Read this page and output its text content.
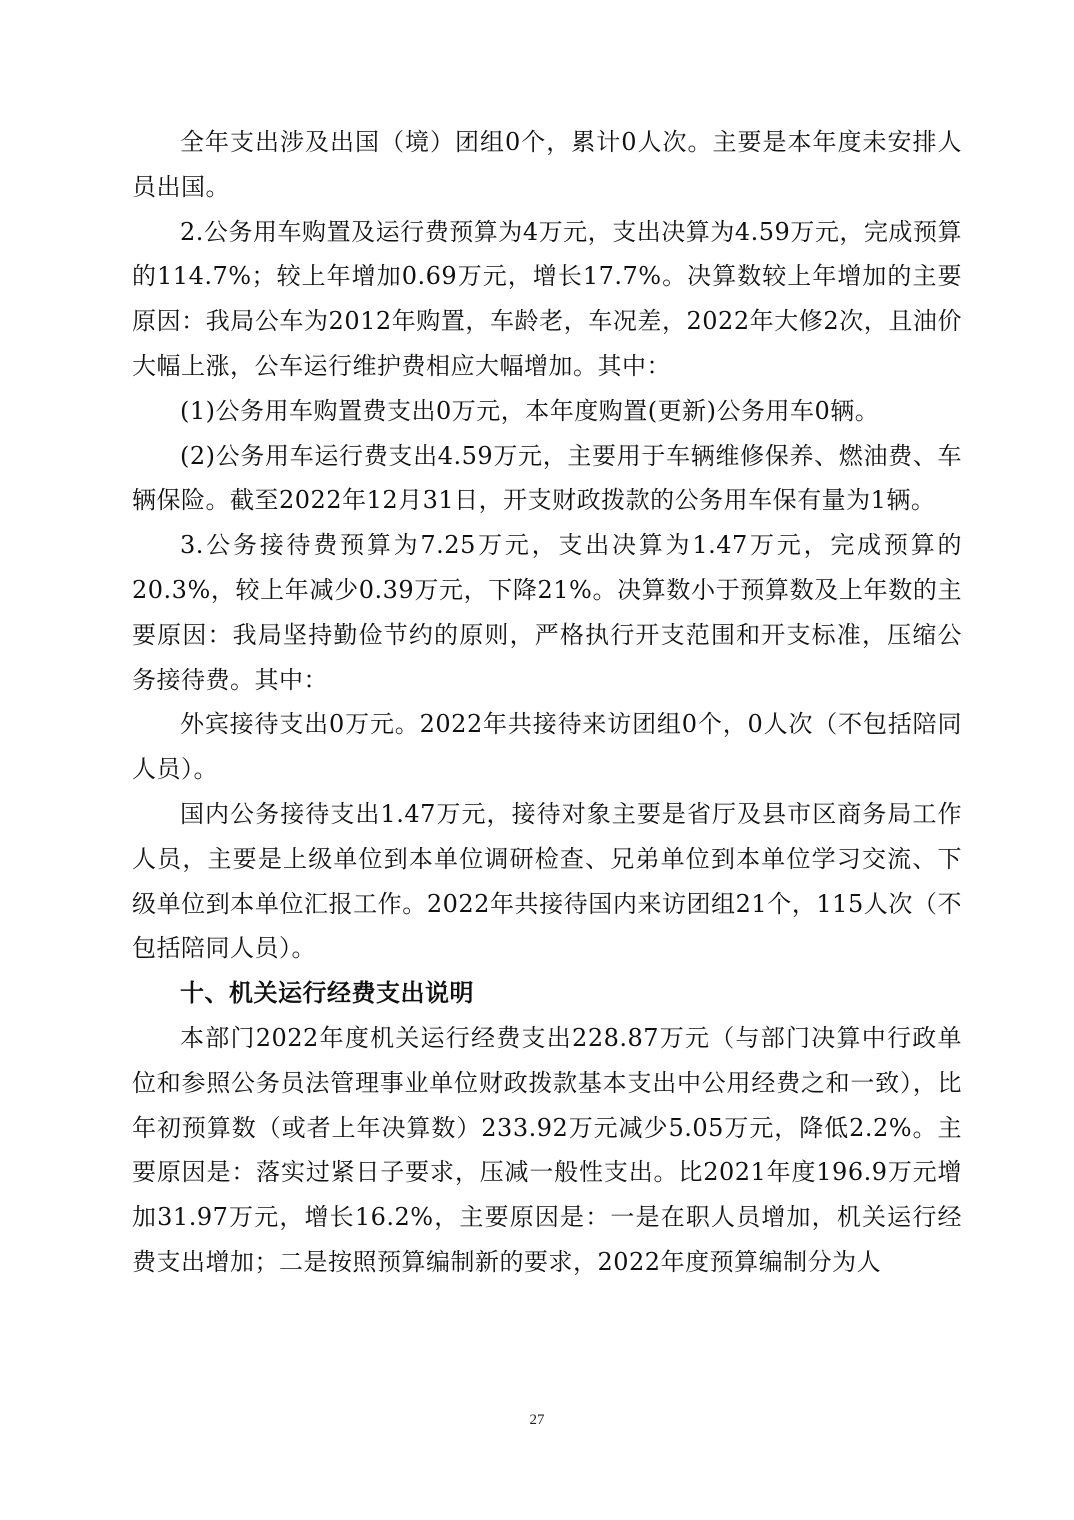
全年支出涉及出国（境）团组0个，累计0人次。主要是本年度未安排人员出国。

2.公务用车购置及运行费预算为4万元，支出决算为4.59万元，完成预算的114.7%；较上年增加0.69万元，增长17.7%。决算数较上年增加的主要原因：我局公车为2012年购置，车龄老，车况差，2022年大修2次，且油价大幅上涨，公车运行维护费相应大幅增加。其中：

(1)公务用车购置费支出0万元，本年度购置(更新)公务用车0辆。

(2)公务用车运行费支出4.59万元，主要用于车辆维修保养、燃油费、车辆保险。截至2022年12月31日，开支财政拨款的公务用车保有量为1辆。

3.公务接待费预算为7.25万元，支出决算为1.47万元，完成预算的20.3%，较上年减少0.39万元，下降21%。决算数小于预算数及上年数的主要原因：我局坚持勤俭节约的原则，严格执行开支范围和开支标准，压缩公务接待费。其中：

外宾接待支出0万元。2022年共接待来访团组0个，0人次（不包括陪同人员）。

国内公务接待支出1.47万元，接待对象主要是省厅及县市区商务局工作人员，主要是上级单位到本单位调研检查、兄弟单位到本单位学习交流、下级单位到本单位汇报工作。2022年共接待国内来访团组21个，115人次（不包括陪同人员）。

十、机关运行经费支出说明

本部门2022年度机关运行经费支出228.87万元（与部门决算中行政单位和参照公务员法管理事业单位财政拨款基本支出中公用经费之和一致），比年初预算数（或者上年决算数）233.92万元减少5.05万元，降低2.2%。主要原因是：落实过紧日子要求，压减一般性支出。比2021年度196.9万元增加31.97万元，增长16.2%，主要原因是：一是在职人员增加，机关运行经费支出增加；二是按照预算编制新的要求，2022年度预算编制分为人

27
